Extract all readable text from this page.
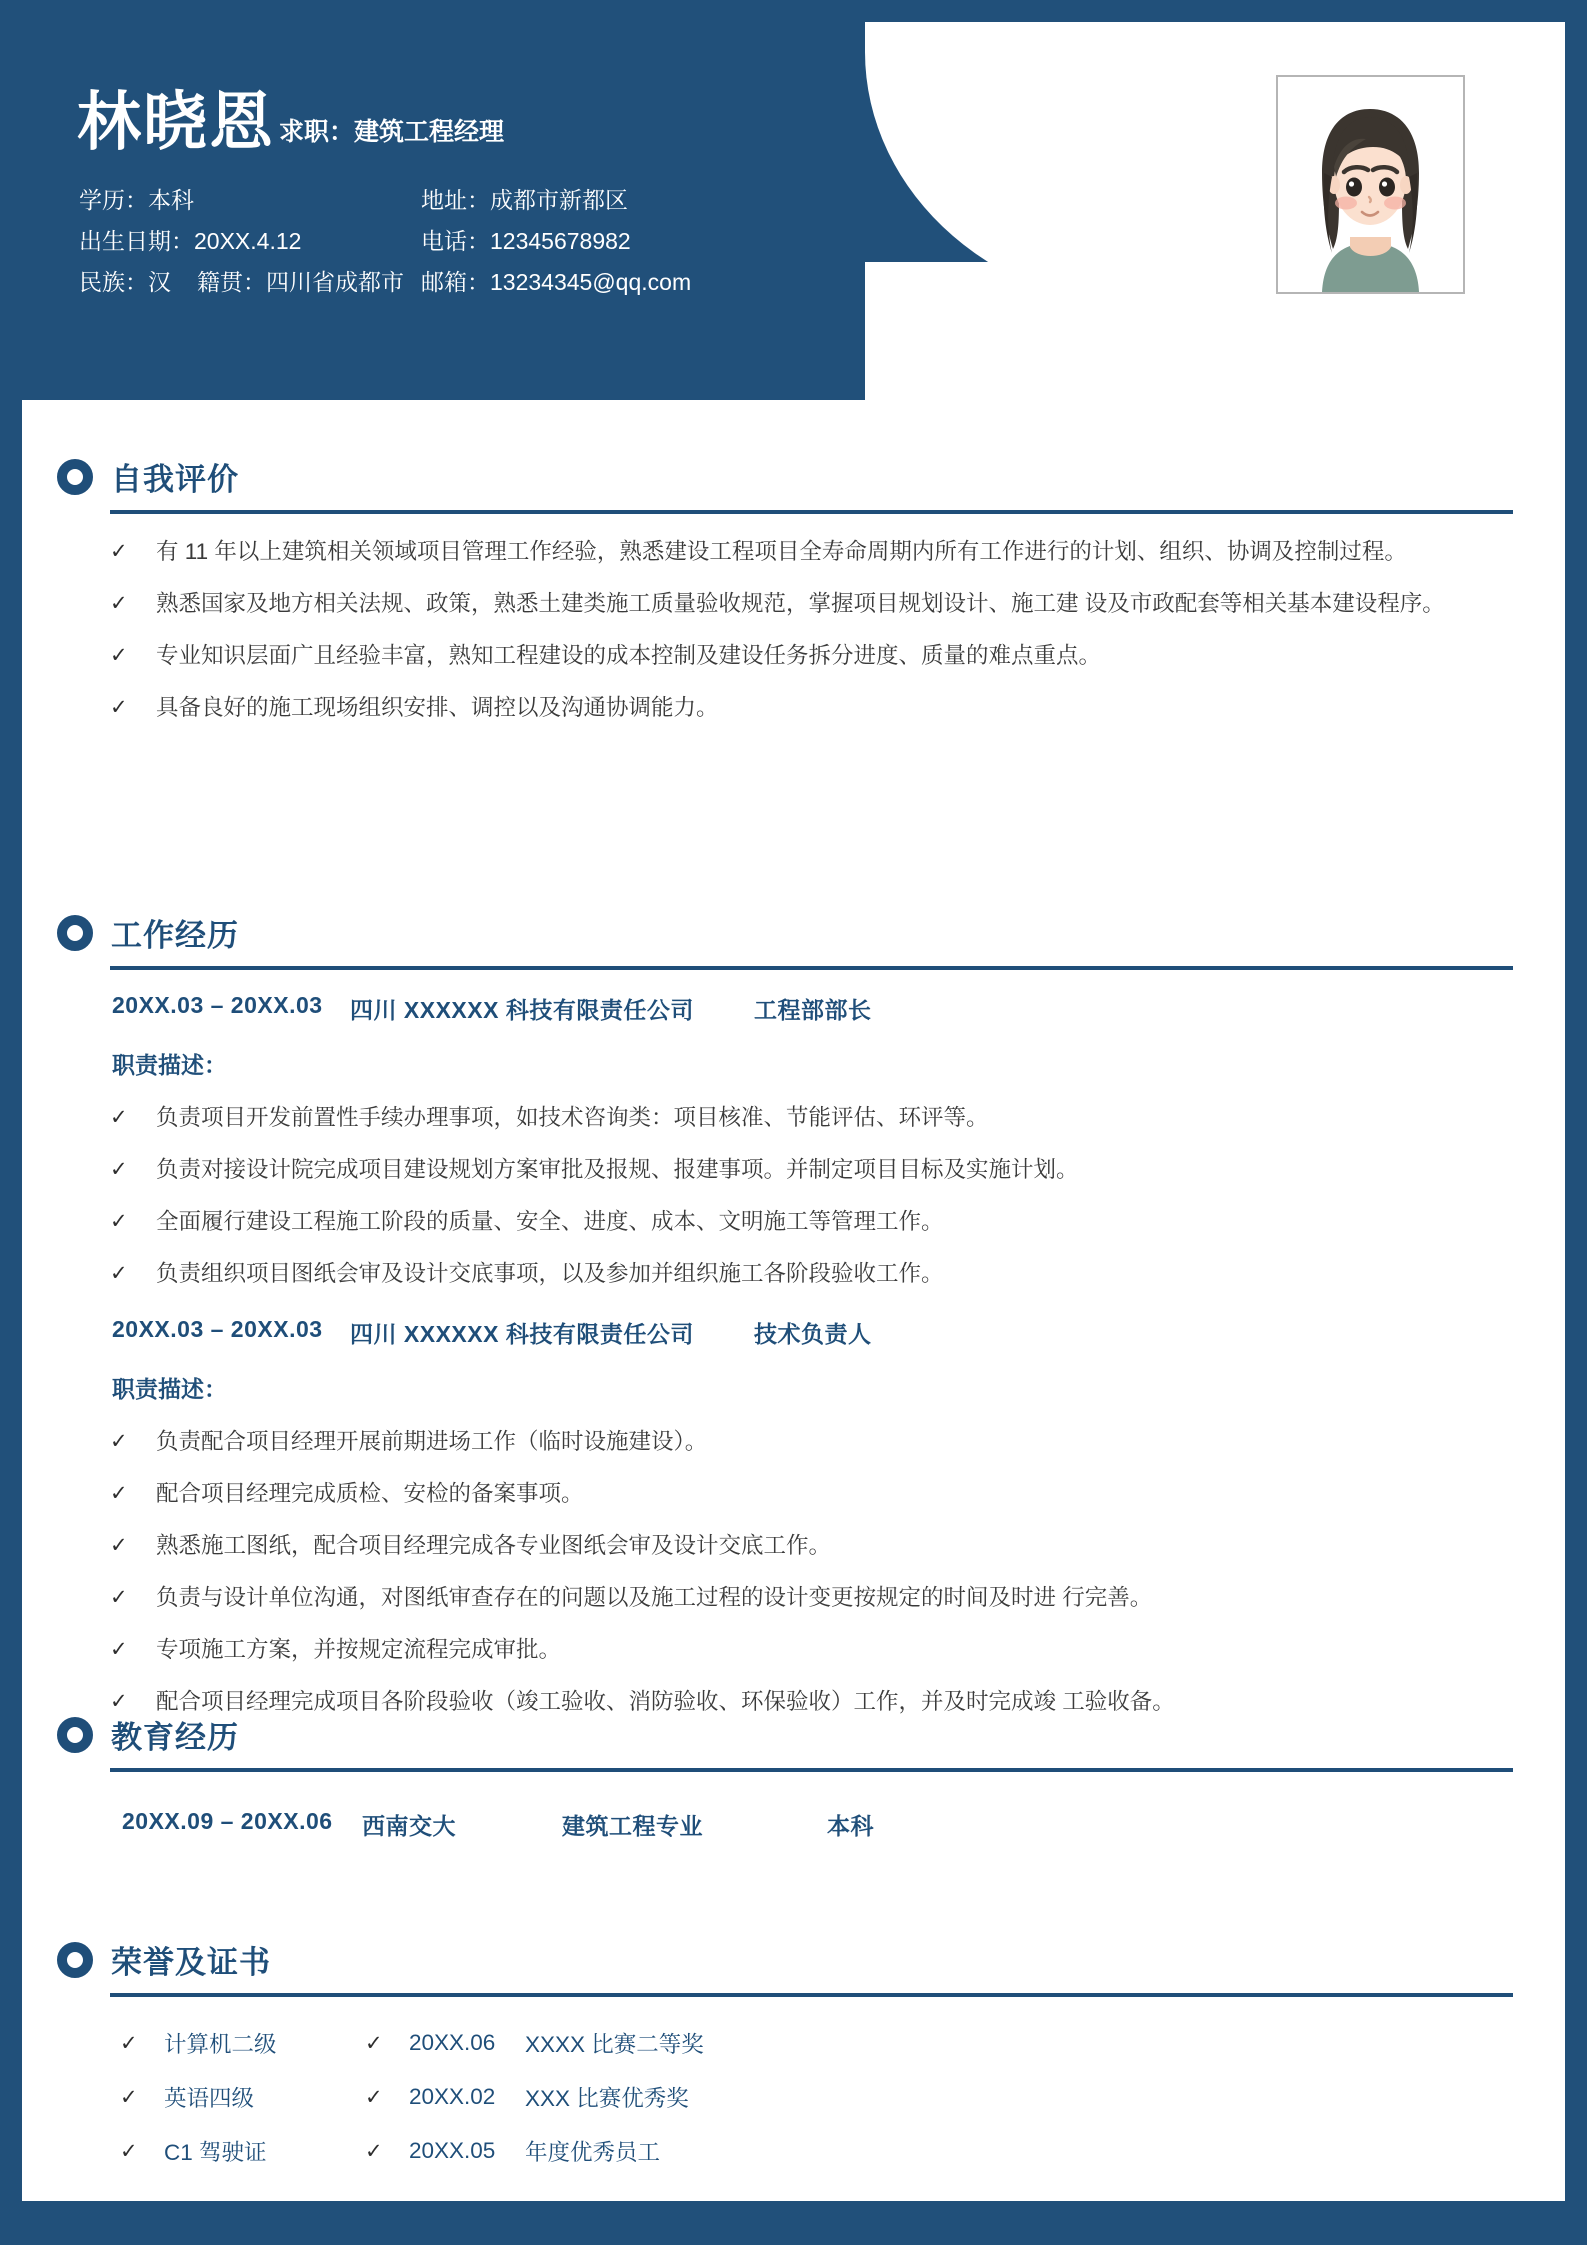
林晓恩 求职：建筑工程经理
学历： 本科	地址： 成都市新都区
出生日期： 20XX.4.12	电话： 12345678982
民族： 汉 籍贯： 四川省成都市 邮箱： 13234345@qq.com
自我评价
✓	有 11 年以上建筑相关领域项目管理工作经验，熟悉建设工程项目全寿命周期内所有工作进行的计划、组织、协调及控制过程。
✓	熟悉国家及地方相关法规、政策，熟悉土建类施工质量验收规范，掌握项目规划设计、施工建 设及市政配套等相关基本建设程序。
✓	专业知识层面广且经验丰富，熟知工程建设的成本控制及建设任务拆分进度、质量的难点重点。
✓	具备良好的施工现场组织安排、调控以及沟通协调能力。
工作经历
20XX.03 – 20XX.03	四川 XXXXXX 科技有限责任公司	工程部部长
职责描述：
✓	负责项目开发前置性手续办理事项，如技术咨询类：项目核准、节能评估、环评等。
✓	负责对接设计院完成项目建设规划方案审批及报规、报建事项。并制定项目目标及实施计划。
✓	全面履行建设工程施工阶段的质量、安全、进度、成本、文明施工等管理工作。
✓	负责组织项目图纸会审及设计交底事项，以及参加并组织施工各阶段验收工作。
20XX.03 – 20XX.03	四川 XXXXXX 科技有限责任公司	技术负责人
职责描述：
✓	负责配合项目经理开展前期进场工作（临时设施建设）。
✓	配合项目经理完成质检、安检的备案事项。
✓	熟悉施工图纸，配合项目经理完成各专业图纸会审及设计交底工作。
✓	负责与设计单位沟通，对图纸审查存在的问题以及施工过程的设计变更按规定的时间及时进 行完善。
✓	专项施工方案，并按规定流程完成审批。
✓	配合项目经理完成项目各阶段验收（竣工验收、消防验收、环保验收）工作，并及时完成竣 工验收备。
教育经历
20XX.09 – 20XX.06	西南交大	建筑工程专业	本科
荣誉及证书
✓	计算机二级	✓	20XX.06 XXXX 比赛二等奖
✓	英语四级	✓	20XX.02 XXX 比赛优秀奖
✓	C1 驾驶证	✓	20XX.05 年度优秀员工
